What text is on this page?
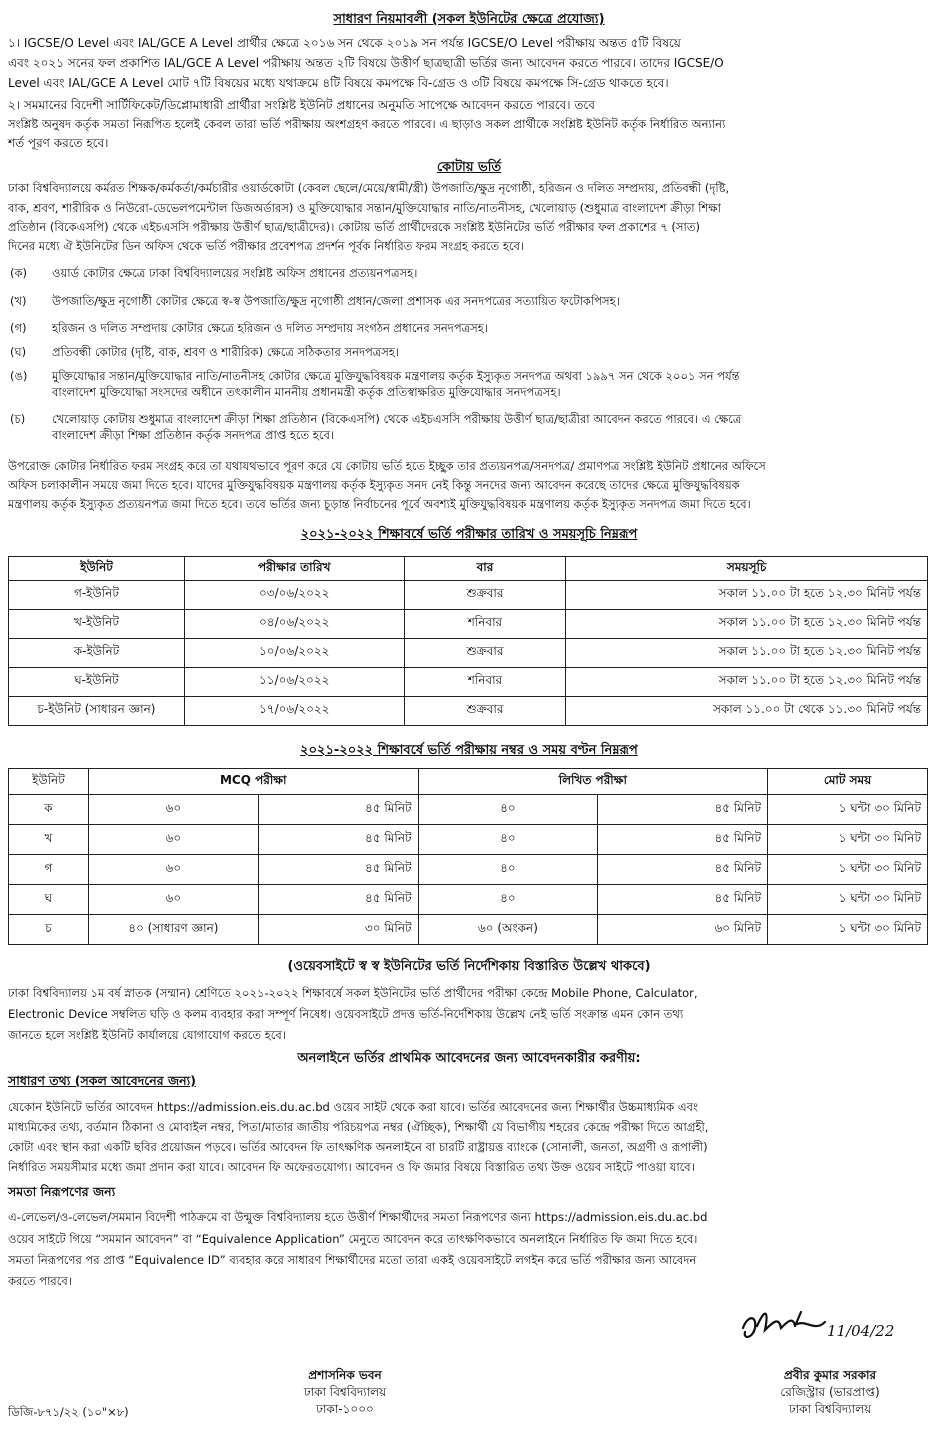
সাধারণ নিয়মাবলী (সকল ইউনিটের ক্ষেত্রে প্রযোজ্য)
১। IGCSE/O Level এবং IAL/GCE A Level প্রার্থীর ক্ষেত্রে ২০১৬ সন থেকে ২০১৯ সন পর্যন্ত IGCSE/O Level পরীক্ষায় অন্তত ৫টি বিষয়ে
এবং ২০২১ সনের ফল প্রকাশিত IAL/GCE A Level পরীক্ষায় অন্তত ২টি বিষয়ে উত্তীর্ণ ছাত্রছাত্রী ভর্তির জন্য আবেদন করতে পারবে। তাদের IGCSE/O
Level এবং IAL/GCE A Level মোট ৭টি বিষয়ের মধ্যে যথাক্রমে ৪টি বিষয়ে কমপক্ষে বি-গ্রেড ও ৩টি বিষয়ে কমপক্ষে সি-গ্রেড থাকতে হবে।
২। সমমানের বিদেশী সার্টিফিকেট/ডিপ্লোমাধারী প্রার্থীরা সংশ্লিষ্ট ইউনিট প্রধানের অনুমতি সাপেক্ষে আবেদন করতে পারবে। তবে
সংশ্লিষ্ট অনুষদ কর্তৃক সমতা নিরূপিত হলেই কেবল তারা ভর্তি পরীক্ষায় অংশগ্রহণ করতে পারবে। এ ছাড়াও সকল প্রার্থীকে সংশ্লিষ্ট ইউনিট কর্তৃক নির্ধারিত অন্যান্য
শর্ত পূরণ করতে হবে।
কোটায় ভর্তি
ঢাকা বিশ্ববিদ্যালয়ে কর্মরত শিক্ষক/কর্মকর্তা/কর্মচারীর ওয়ার্ডকোটা (কেবল ছেলে/মেয়ে/স্বামী/স্ত্রী) উপজাতি/ক্ষুদ্র নৃগোষ্ঠী, হরিজন ও দলিত সম্প্রদায়, প্রতিবন্ধী (দৃষ্টি,
বাক, শ্রবণ, শারীরিক ও নিউরো-ডেভেলপমেন্টাল ডিজঅর্ডারস) ও মুক্তিযোদ্ধার সন্তান/মুক্তিযোদ্ধার নাতি/নাতনীসহ, খেলোয়াড় (শুধুমাত্র বাংলাদেশ ক্রীড়া শিক্ষা
প্রতিষ্ঠান (বিকেএসপি) থেকে এইচএসসি পরীক্ষায় উত্তীর্ণ ছাত্র/ছাত্রীদের)। কোটায় ভর্তি প্রার্থীদেরকে সংশ্লিষ্ট ইউনিটের ভর্তি পরীক্ষার ফল প্রকাশের ৭ (সাত)
দিনের মধ্যে ঐ ইউনিটের ডিন অফিস থেকে ভর্তি পরীক্ষার প্রবেশপত্র প্রদর্শন পূর্বক নির্ধারিত ফরম সংগ্রহ করতে হবে।
(ক)	ওয়ার্ড কোটার ক্ষেত্রে ঢাকা বিশ্ববিদ্যালয়ের সংশ্লিষ্ট অফিস প্রধানের প্রত্যয়নপত্রসহ।
(খ)	উপজাতি/ক্ষুদ্র নৃগোষ্ঠী কোটার ক্ষেত্রে স্ব-স্ব উপজাতি/ক্ষুদ্র নৃগোষ্ঠী প্রধান/জেলা প্রশাসক এর সনদপত্রের সত্যায়িত ফটোকপিসহ।
(গ)	হরিজন ও দলিত সম্প্রদায় কোটার ক্ষেত্রে হরিজন ও দলিত সম্প্রদায় সংগঠন প্রধানের সনদপত্রসহ।
(ঘ)	প্রতিবন্ধী কোটার (দৃষ্টি, বাক, শ্রবণ ও শারীরিক) ক্ষেত্রে সঠিকতার সনদপত্রসহ।
(ঙ)	মুক্তিযোদ্ধার সন্তান/মুক্তিযোদ্ধার নাতি/নাতনীসহ কোটার ক্ষেত্রে মুক্তিযুদ্ধবিষয়ক মন্ত্রণালয় কর্তৃক ইস্যুকৃত সনদপত্র অথবা ১৯৯৭ সন থেকে ২০০১ সন পর্যন্ত
বাংলাদেশ মুক্তিযোদ্ধা সংসদের অধীনে তৎকালীন মাননীয় প্রধানমন্ত্রী কর্তৃক প্রতিস্বাক্ষরিত মুক্তিযোদ্ধার সনদপত্রসহ।
(চ)	খেলোয়াড় কোটায় শুধুমাত্র বাংলাদেশ ক্রীড়া শিক্ষা প্রতিষ্ঠান (বিকেএসপি) থেকে এইচএসসি পরীক্ষায় উত্তীর্ণ ছাত্র/ছাত্রীরা আবেদন করতে পারবে। এ ক্ষেত্রে
বাংলাদেশ ক্রীড়া শিক্ষা প্রতিষ্ঠান কর্তৃক সনদপত্র প্রাপ্ত হতে হবে।
উপরোক্ত কোটার নির্ধারিত ফরম সংগ্রহ করে তা যথাযথভাবে পূরণ করে যে কোটায় ভর্তি হতে ইচ্ছুক তার প্রত্যয়নপত্র/সনদপত্র/ প্রমাণপত্র সংশ্লিষ্ট ইউনিট প্রধানের অফিসে
অফিস চলাকালীন সময়ে জমা দিতে হবে। যাদের মুক্তিযুদ্ধবিষয়ক মন্ত্রণালয় কর্তৃক ইস্যুকৃত সনদ নেই কিন্তু সনদের জন্য আবেদন করেছে তাদের ক্ষেত্রে মুক্তিযুদ্ধবিষয়ক
মন্ত্রণালয় কর্তৃক ইস্যুকৃত প্রত্যয়নপত্র জমা দিতে হবে। তবে ভর্তির জন্য চূড়ান্ত নির্বাচনের পূর্বে অবশ্যই মুক্তিযুদ্ধবিষয়ক মন্ত্রণালয় কর্তৃক ইস্যুকৃত সনদপত্র জমা দিতে হবে।
২০২১-২০২২ শিক্ষাবর্ষে ভর্তি পরীক্ষার তারিখ ও সময়সূচি নিম্নরূপ
ইউনিট	পরীক্ষার তারিখ	বার	সময়সূচি
গ-ইউনিট	০৩/০৬/২০২২	শুক্রবার	সকাল ১১.০০ টা হতে ১২.৩০ মিনিট পর্যন্ত
খ-ইউনিট	০৪/০৬/২০২২	শনিবার	সকাল ১১.০০ টা হতে ১২.৩০ মিনিট পর্যন্ত
ক-ইউনিট	১০/০৬/২০২২	শুক্রবার	সকাল ১১.০০ টা হতে ১২.৩০ মিনিট পর্যন্ত
ঘ-ইউনিট	১১/০৬/২০২২	শনিবার	সকাল ১১.০০ টা হতে ১২.৩০ মিনিট পর্যন্ত
চ-ইউনিট (সাধারন জ্ঞান)	১৭/০৬/২০২২	শুক্রবার	সকাল ১১.০০ টা থেকে ১১.৩০ মিনিট পর্যন্ত
২০২১-২০২২ শিক্ষাবর্ষে ভর্তি পরীক্ষায় নম্বর ও সময় বণ্টন নিম্নরূপ
ইউনিট	MCQ পরীক্ষা		লিখিত পরীক্ষা		মোট সময়
ক	৬০	৪৫ মিনিট	৪০	৪৫ মিনিট	১ ঘন্টা ৩০ মিনিট
খ	৬০	৪৫ মিনিট	৪০	৪৫ মিনিট	১ ঘন্টা ৩০ মিনিট
গ	৬০	৪৫ মিনিট	৪০	৪৫ মিনিট	১ ঘন্টা ৩০ মিনিট
ঘ	৬০	৪৫ মিনিট	৪০	৪৫ মিনিট	১ ঘন্টা ৩০ মিনিট
চ	৪০ (সাধারণ জ্ঞান)	৩০ মিনিট	৬০ (অংকন)	৬০ মিনিট	১ ঘন্টা ৩০ মিনিট
(ওয়েবসাইটে স্ব স্ব ইউনিটের ভর্তি নির্দেশিকায় বিস্তারিত উল্লেখ থাকবে)
ঢাকা বিশ্ববিদ্যালয় ১ম বর্ষ স্নাতক (সম্মান) শ্রেণিতে ২০২১-২০২২ শিক্ষাবর্ষে সকল ইউনিটের ভর্তি প্রার্থীদের পরীক্ষা কেন্দ্রে Mobile Phone, Calculator,
Electronic Device সম্বলিত ঘড়ি ও কলম ব্যবহার করা সম্পূর্ণ নিষেধ। ওয়েবসাইটে প্রদত্ত ভর্তি-নির্দেশিকায় উল্লেখ নেই ভর্তি সংক্রান্ত এমন কোন তথ্য
জানতে হলে সংশ্লিষ্ট ইউনিট কার্যালয়ে যোগাযোগ করতে হবে।
অনলাইনে ভর্তির প্রাথমিক আবেদনের জন্য আবেদনকারীর করণীয়:
সাধারণ তথ্য (সকল আবেদনের জন্য)
যেকোন ইউনিটে ভর্তির আবেদন https://admission.eis.du.ac.bd ওয়েব সাইট থেকে করা যাবে। ভর্তির আবেদনের জন্য শিক্ষার্থীর উচ্চমাধ্যমিক এবং
মাধ্যমিকের তথ্য, বর্তমান ঠিকানা ও মোবাইল নম্বর, পিতা/মাতার জাতীয় পরিচয়পত্র নম্বর (ঐচ্ছিক), শিক্ষার্থী যে বিভাগীয় শহরের কেন্দ্রে পরীক্ষা দিতে আগ্রহী,
কোটা এবং স্থান করা একটি ছবির প্রয়োজন পড়বে। ভর্তির আবেদন ফি তাৎক্ষণিক অনলাইনে বা চারটি রাষ্ট্রায়ত্ত ব্যাংকে (সোনালী, জনতা, অগ্রণী ও রূপালী)
নির্ধারিত সময়সীমার মধ্যে জমা প্রদান করা যাবে। আবেদন ফি অফেরতযোগ্য। আবেদন ও ফি জমার বিষয়ে বিস্তারিত তথ্য উক্ত ওয়েব সাইটে পাওয়া যাবে।
সমতা নিরূপণের জন্য
এ-লেভেল/ও-লেভেল/সমমান বিদেশী পাঠক্রমে বা উন্মুক্ত বিশ্ববিদ্যালয় হতে উত্তীর্ণ শিক্ষার্থীদের সমতা নিরূপণের জন্য https://admission.eis.du.ac.bd
ওয়েব সাইটে গিয়ে “সমমান আবেদন” বা “Equivalence Application” মেনুতে আবেদন করে তাৎক্ষণিকভাবে অনলাইনে নির্ধারিত ফি জমা দিতে হবে।
সমতা নিরূপণের পর প্রাপ্ত “Equivalence ID” ব্যবহার করে সাধারণ শিক্ষার্থীদের মতো তারা একই ওয়েবসাইটে লগইন করে ভর্তি পরীক্ষার জন্য আবেদন
করতে পারবে।
11/04/22
প্রশাসনিক ভবন
ঢাকা বিশ্ববিদ্যালয়
ঢাকা-১০০০
প্রবীর কুমার সরকার
রেজিস্ট্রার (ভারপ্রাপ্ত)
ঢাকা বিশ্ববিদ্যালয়
ডিজি-৮৭১/২২ (১০"×৮)
